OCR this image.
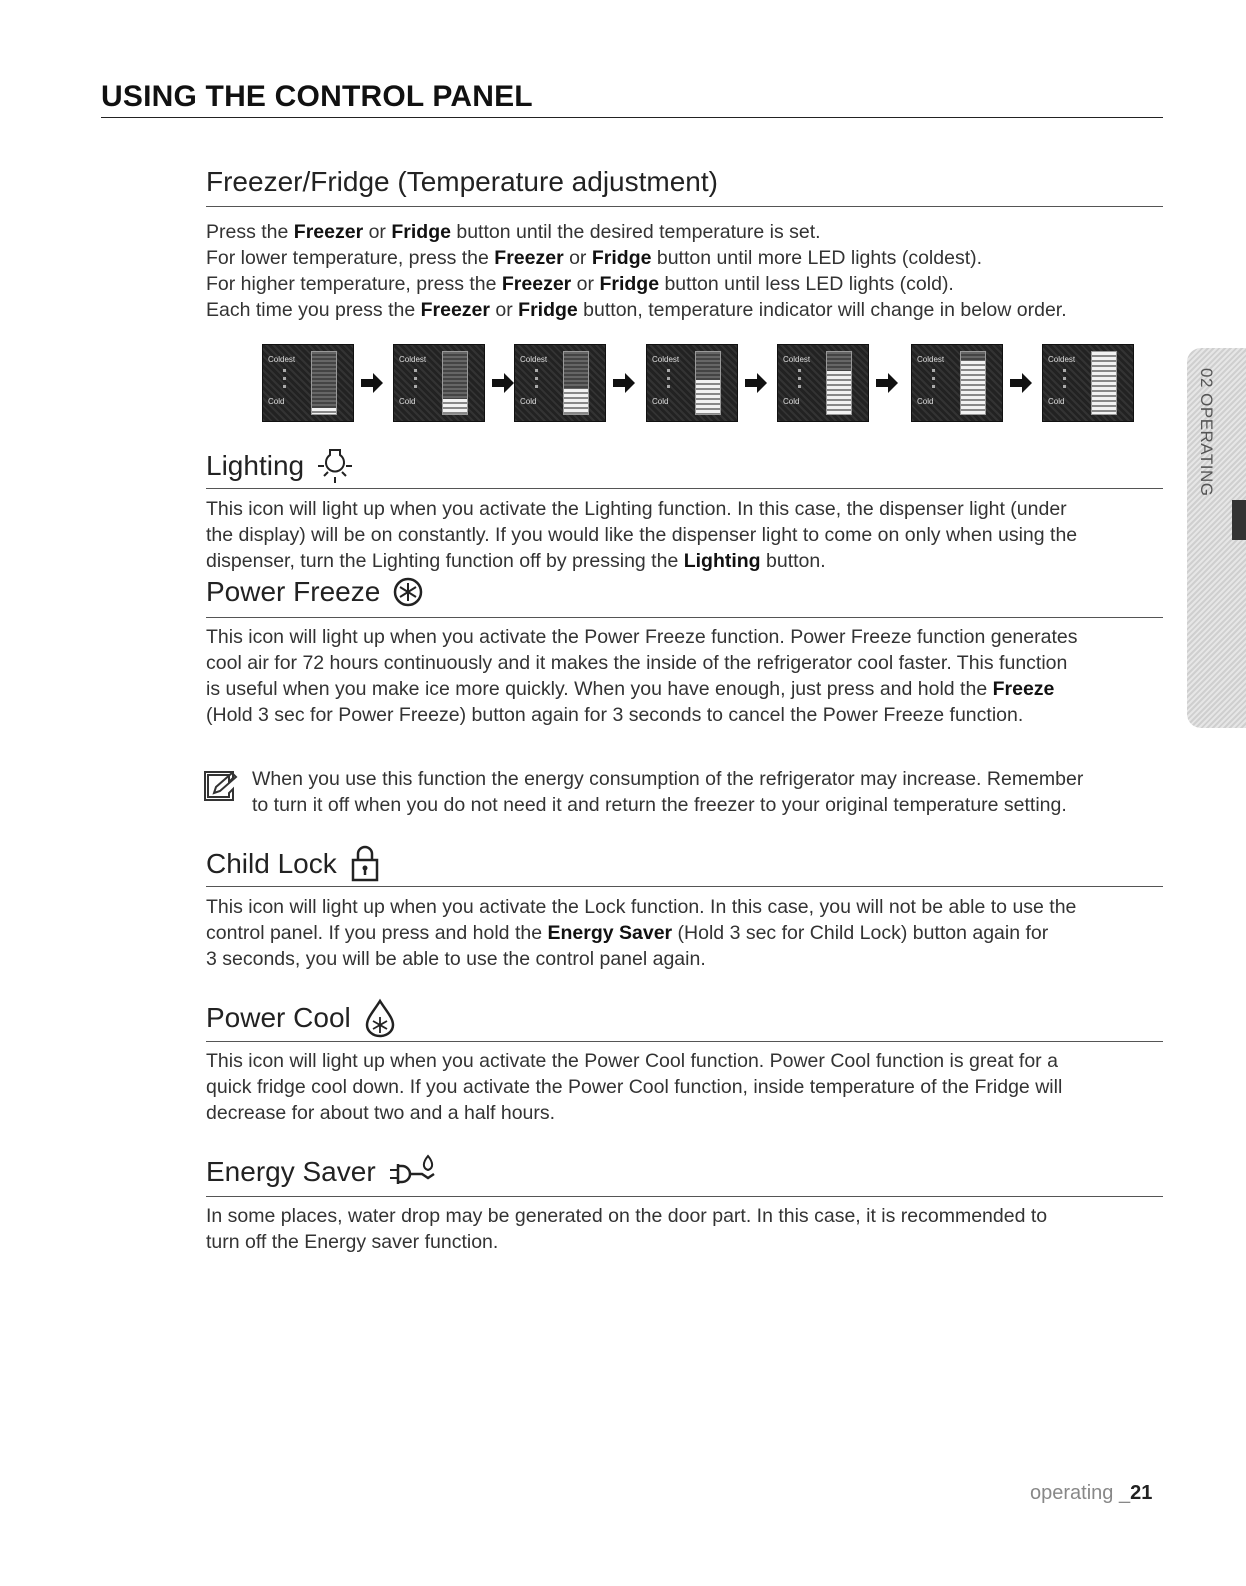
USING THE CONTROL PANEL
Freezer/Fridge (Temperature adjustment)
Press the Freezer or Fridge button until the desired temperature is set.
For lower temperature, press the Freezer or Fridge button until more LED lights (coldest).
For higher temperature, press the Freezer or Fridge button until less LED lights (cold).
Each time you press the Freezer or Fridge button, temperature indicator will change in below order.
Coldest
Cold
Coldest
Cold
Coldest
Cold
Coldest
Cold
Coldest
Cold
Coldest
Cold
Coldest
Cold
Lighting
This icon will light up when you activate the Lighting function. In this case, the dispenser light (under
the display) will be on constantly. If you would like the dispenser light to come on only when using the
dispenser, turn the Lighting function off by pressing the Lighting button.
Power Freeze
This icon will light up when you activate the Power Freeze function. Power Freeze function generates
cool air for 72 hours continuously and it makes the inside of the refrigerator cool faster. This function
is useful when you make ice more quickly. When you have enough, just press and hold the Freeze
(Hold 3 sec for Power Freeze) button again for 3 seconds to cancel the Power Freeze function.
When you use this function the energy consumption of the refrigerator may increase. Remember
to turn it off when you do not need it and return the freezer to your original temperature setting.
Child Lock
This icon will light up when you activate the Lock function. In this case, you will not be able to use the
control panel. If you press and hold the Energy Saver (Hold 3 sec for Child Lock) button again for
3 seconds, you will be able to use the control panel again.
Power Cool
This icon will light up when you activate the Power Cool function. Power Cool function is great for a
quick fridge cool down. If you activate the Power Cool function, inside temperature of the Fridge will
decrease for about two and a half hours.
Energy Saver
In some places, water drop may be generated on the door part. In this case, it is recommended to
turn off the Energy saver function.
02 OPERATING
operating _21
